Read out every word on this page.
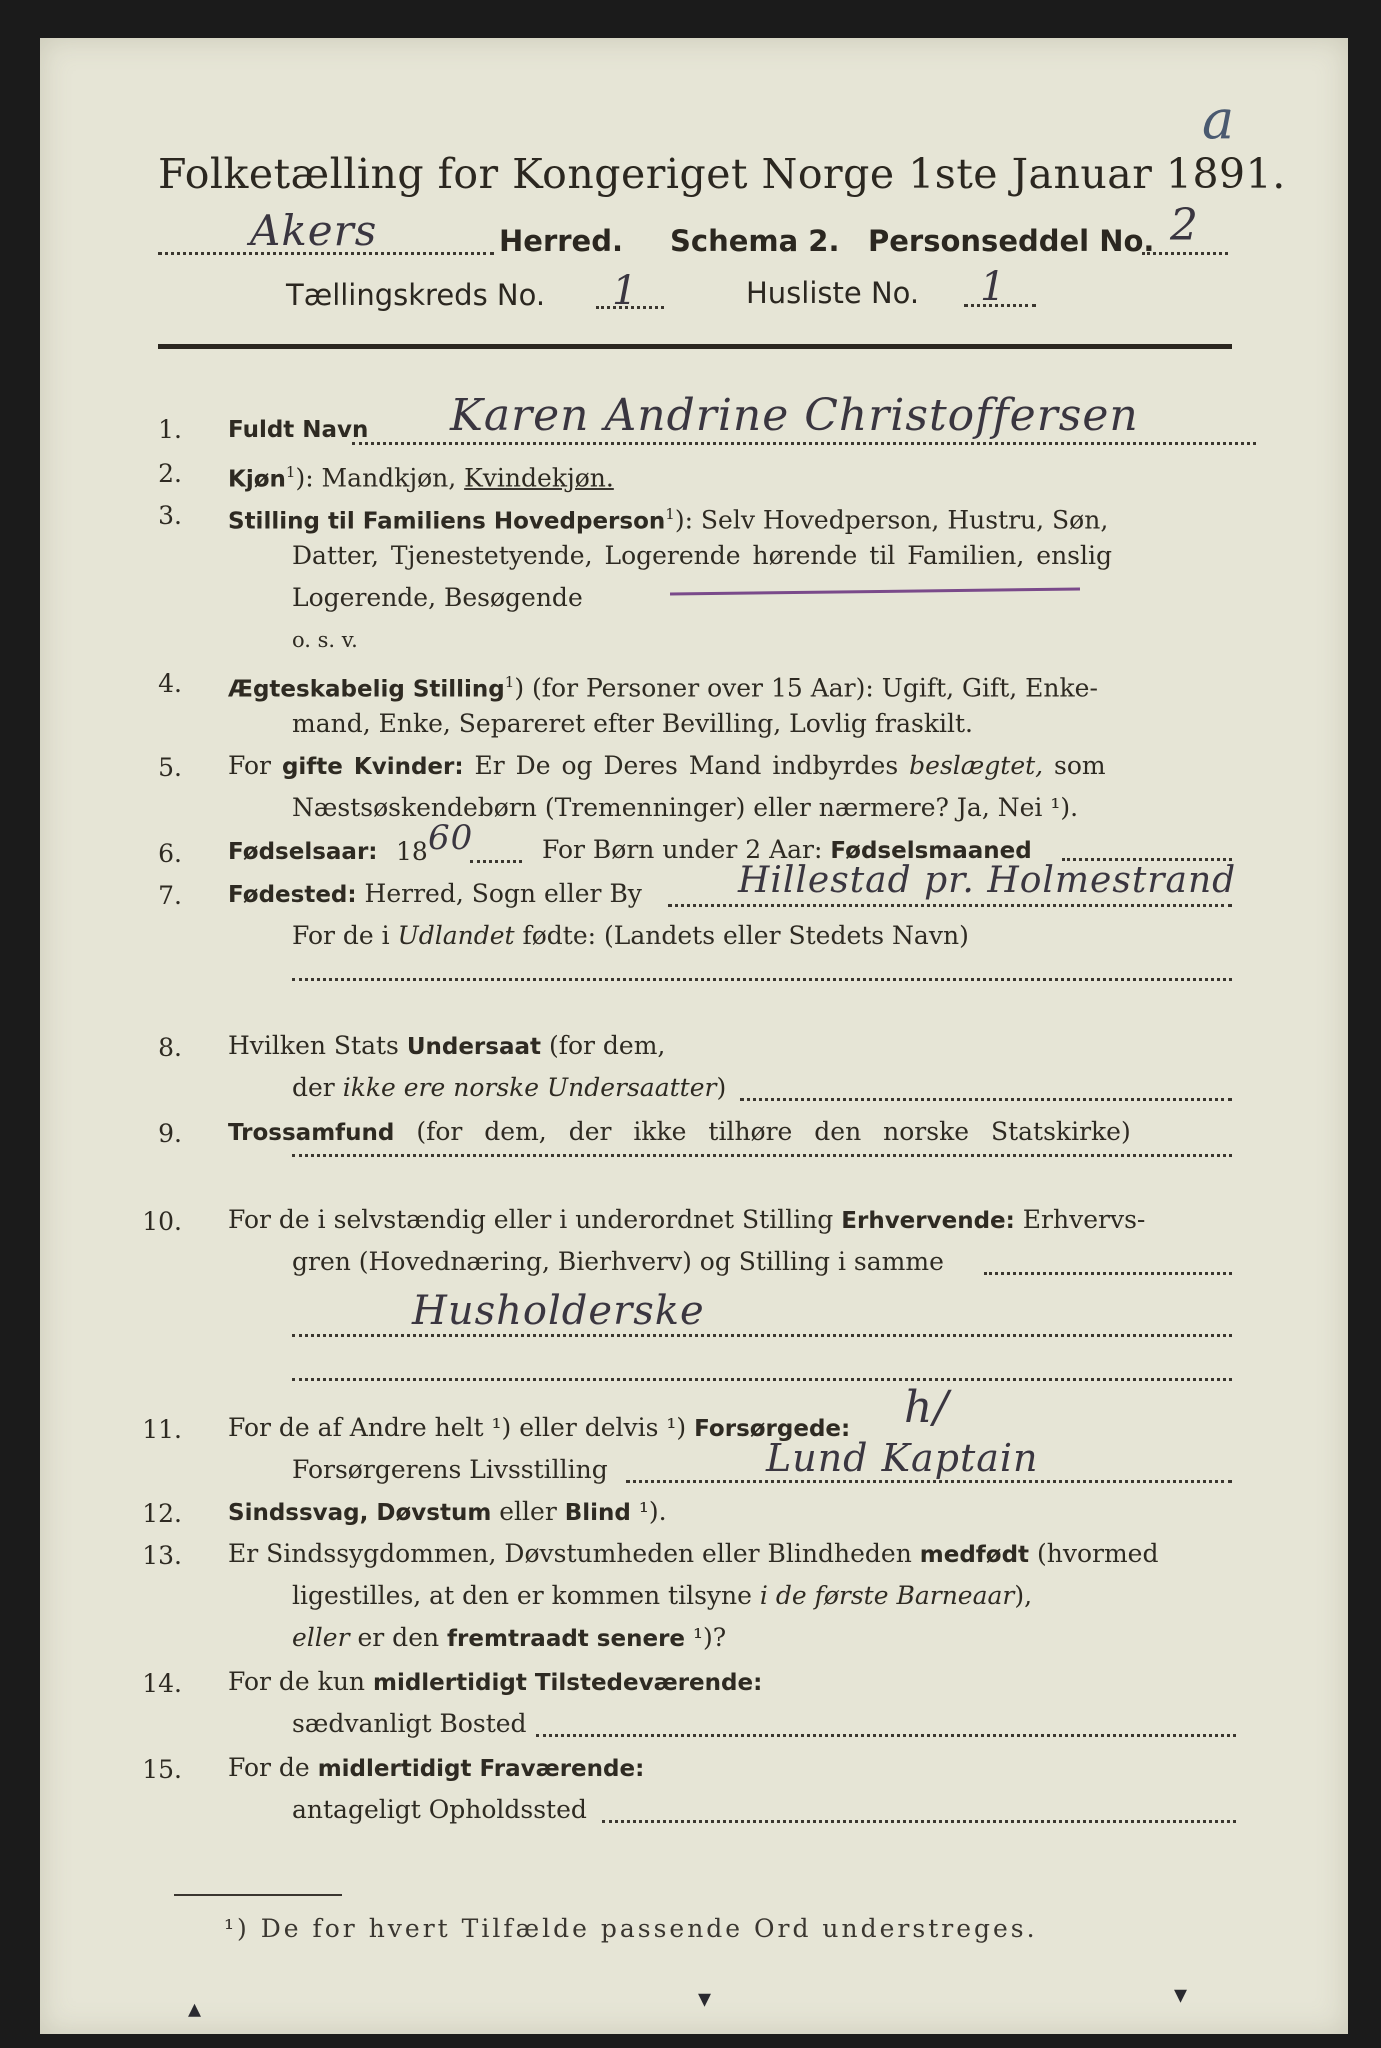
a
Folketælling for Kongeriget Norge 1ste Januar 1891.
Akers	Herred. Schema 2. Personseddel No. 2
Tællingskreds No. 1	Husliste No. 1
1. Fuldt Navn Karen Andrine Christoffersen
2. Kjøn$^1$): Mandkjøn, Kvindekjøn.
3. Stilling til Familiens Hovedperson$^1$): Selv Hovedperson, Hustru, Søn,
Datter, Tjenestetyende, Logerende hørende til Familien, enslig
Logerende, Besøgende
o. s. v.
4. Ægteskabelig Stilling$^1$) (for Personer over 15 Aar): Ugift, Gift, Enke-
mand, Enke, Separeret efter Bevilling, Lovlig fraskilt.
5. For gifte Kvinder: Er De og Deres Mand indbyrdes beslægtet, som
Næstsøskendebørn (Tremenninger) eller nærmere? Ja, Nei ¹).
6. Fødselsaar: 18 60	For Børn under 2 Aar: Fødselsmaaned
7. Fødested: Herred, Sogn eller By	Hillestad pr. Holmestrand
For de i Udlandet fødte: (Landets eller Stedets Navn)
8. Hvilken Stats Undersaat (for dem,
der ikke ere norske Undersaatter)
9. Trossamfund (for dem, der ikke tilhøre den norske Statskirke)
10. For de i selvstændig eller i underordnet Stilling Erhvervende: Erhvervs-
gren (Hovednæring, Bierhverv) og Stilling i samme
Husholderske
11. For de af Andre helt ¹) eller delvis ¹) Forsørgede: h/
Forsørgerens Livsstilling	Lund Kaptain
12. Sindssvag, Døvstum eller Blind ¹).
13. Er Sindssygdommen, Døvstumheden eller Blindheden medfødt (hvormed
ligestilles, at den er kommen tilsyne i de første Barneaar),
eller er den fremtraadt senere ¹)?
14. For de kun midlertidigt Tilstedeværende:
sædvanligt Bosted
15. For de midlertidigt Fraværende:
antageligt Opholdssted
¹) De for hvert Tilfælde passende Ord understreges.
▴	▾	▾
